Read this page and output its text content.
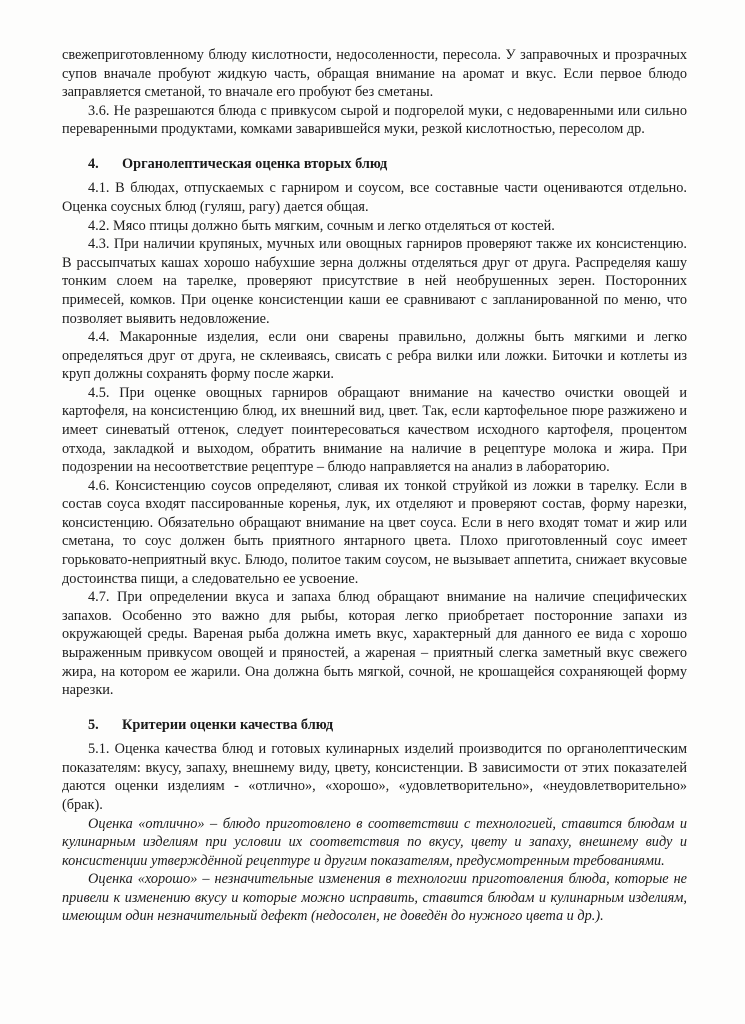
свежеприготовленному блюду кислотности, недосоленности, пересола. У заправочных и прозрачных супов вначале пробуют жидкую часть, обращая внимание на аромат и вкус. Если первое блюдо заправляется сметаной, то вначале его пробуют без сметаны.

3.6. Не разрешаются блюда с привкусом сырой и подгорелой муки, с недоваренными или сильно переваренными продуктами, комками заварившейся муки, резкой кислотностью, пересолом др.

4.	Органолептическая оценка вторых блюд

4.1. В блюдах, отпускаемых с гарниром и соусом, все составные части оцениваются отдельно. Оценка соусных блюд (гуляш, рагу) дается общая.

4.2. Мясо птицы должно быть мягким, сочным и легко отделяться от костей.

4.3. При наличии крупяных, мучных или овощных гарниров проверяют также их консистенцию. В рассыпчатых кашах хорошо набухшие зерна должны отделяться друг от друга. Распределяя кашу тонким слоем на тарелке, проверяют присутствие в ней необрушенных зерен. Посторонних примесей, комков. При оценке консистенции каши ее сравнивают с запланированной по меню, что позволяет выявить недовложение.

4.4. Макаронные изделия, если они сварены правильно, должны быть мягкими и легко определяться друг от друга, не склеиваясь, свисать с ребра вилки или ложки. Биточки и котлеты из круп должны сохранять форму после жарки.

4.5. При оценке овощных гарниров обращают внимание на качество очистки овощей и картофеля, на консистенцию блюд, их внешний вид, цвет. Так, если картофельное пюре разжижено и имеет синеватый оттенок, следует поинтересоваться качеством исходного картофеля, процентом отхода, закладкой и выходом, обратить внимание на наличие в рецептуре молока и жира. При подозрении на несоответствие рецептуре – блюдо направляется на анализ в лабораторию.

4.6. Консистенцию соусов определяют, сливая их тонкой струйкой из ложки в тарелку. Если в состав соуса входят пассированные коренья, лук, их отделяют и проверяют состав, форму нарезки, консистенцию. Обязательно обращают внимание на цвет соуса. Если в него входят томат и жир или сметана, то соус должен быть приятного янтарного цвета. Плохо приготовленный соус имеет горьковато-неприятный вкус. Блюдо, политое таким соусом, не вызывает аппетита, снижает вкусовые достоинства пищи, а следовательно ее усвоение.

4.7. При определении вкуса и запаха блюд обращают внимание на наличие специфических запахов. Особенно это важно для рыбы, которая легко приобретает посторонние запахи из окружающей среды. Вареная рыба должна иметь вкус, характерный для данного ее вида с хорошо выраженным привкусом овощей и пряностей, а жареная – приятный слегка заметный вкус свежего жира, на котором ее жарили. Она должна быть мягкой, сочной, не крошащейся сохраняющей форму нарезки.

5.	Критерии оценки качества блюд

5.1. Оценка качества блюд и готовых кулинарных изделий производится по органолептическим показателям: вкусу, запаху, внешнему виду, цвету, консистенции. В зависимости от этих показателей даются оценки изделиям - «отлично», «хорошо», «удовлетворительно», «неудовлетворительно» (брак).

Оценка «отлично» – блюдо приготовлено в соответствии с технологией, ставится блюдам и кулинарным изделиям при условии их соответствия по вкусу, цвету и запаху, внешнему виду и консистенции утверждённой рецептуре и другим показателям, предусмотренным требованиями.

Оценка «хорошо» – незначительные изменения в технологии приготовления блюда, которые не привели к изменению вкусу и которые можно исправить, ставится блюдам и кулинарным изделиям, имеющим один незначительный дефект (недосолен, не доведён до нужного цвета и др.).
